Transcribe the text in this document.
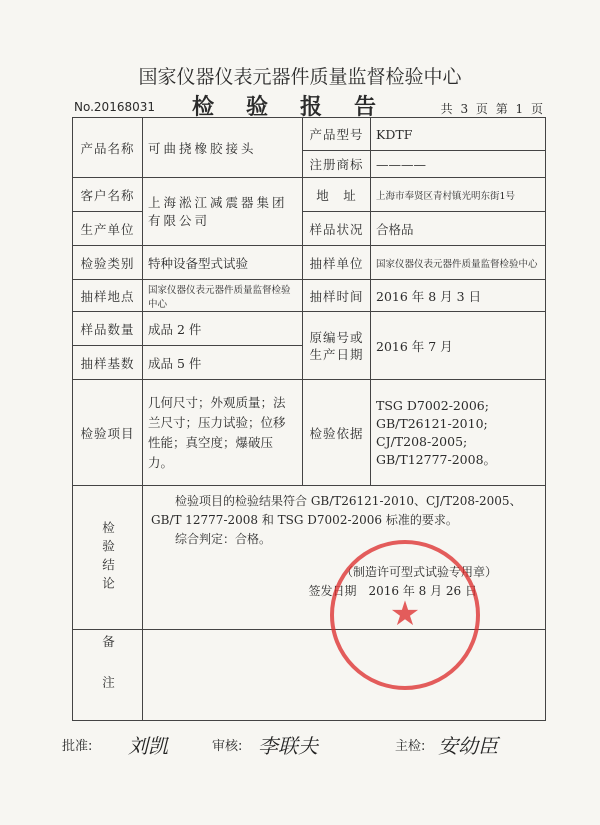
国家仪器仪表元器件质量监督检验中心
No.20168031	检验报告	共 3 页 第 1 页
产品名称	可曲挠橡胶接头	产品型号	KDTF
		注册商标	————
客户名称	上海淞江减震器集团有限公司	地　址	上海市奉贤区青村镇光明东街1号
生产单位		样品状况	合格品
检验类别	特种设备型式试验	抽样单位	国家仪器仪表元器件质量监督检验中心
抽样地点	国家仪器仪表元器件质量监督检验中心	抽样时间	2016 年 8 月 3 日
样品数量	成品 2 件	原编号或生产日期	2016 年 7 月
抽样基数	成品 5 件		
检验项目	几何尺寸；外观质量；法兰尺寸；压力试验；位移性能；真空度；爆破压力。	检验依据	TSG D7002-2006;
GB/T26121-2010;
CJ/T208-2005;
GB/T12777-2008。

检验结论	检验项目的检验结果符合 GB/T26121-2010、CJ/T208-2005、GB/T 12777-2008 和 TSG D7002-2006 标准的要求。
综合判定：合格。
（制造许可型式试验专用章）
签发日期　2016 年 8 月 26 日		

备注			

★
批准: 刘凯	审核: 李联夫	主检: 安幼臣
